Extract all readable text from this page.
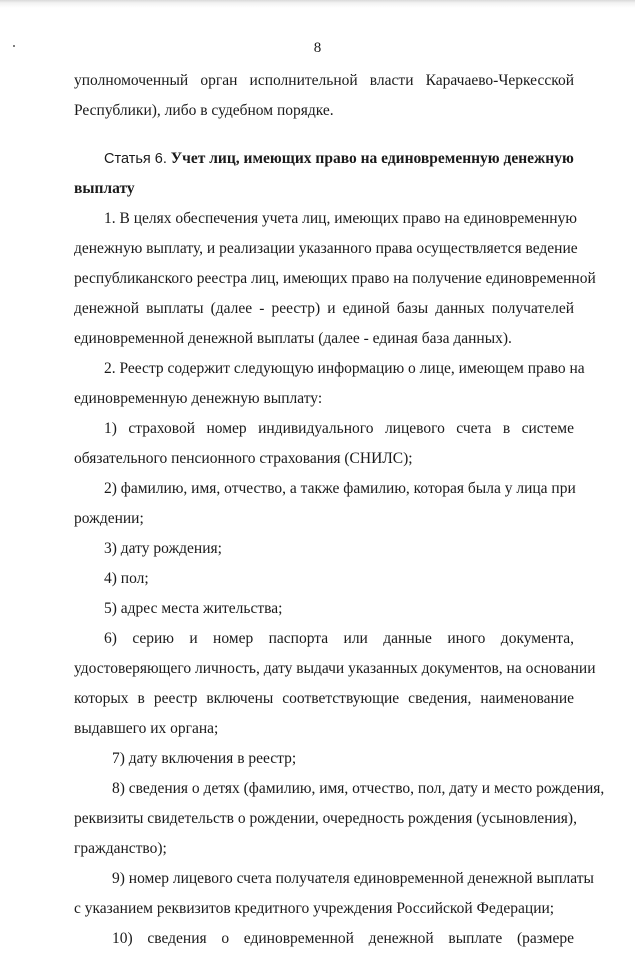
8
уполномоченный орган исполнительной власти Карачаево-Черкесской
Республики), либо в судебном порядке.
Статья 6. Учет лиц, имеющих право на единовременную денежную
выплату
1. В целях обеспечения учета лиц, имеющих право на единовременную
денежную выплату, и реализации указанного права осуществляется ведение
республиканского реестра лиц, имеющих право на получение единовременной
денежной выплаты (далее - реестр) и единой базы данных получателей
единовременной денежной выплаты (далее - единая база данных).
2. Реестр содержит следующую информацию о лице, имеющем право на
единовременную денежную выплату:
1) страховой номер индивидуального лицевого счета в системе
обязательного пенсионного страхования (СНИЛС);
2) фамилию, имя, отчество, а также фамилию, которая была у лица при
рождении;
3) дату рождения;
4) пол;
5) адрес места жительства;
6) серию и номер паспорта или данные иного документа,
удостоверяющего личность, дату выдачи указанных документов, на основании
которых в реестр включены соответствующие сведения, наименование
выдавшего их органа;
7) дату включения в реестр;
8) сведения о детях (фамилию, имя, отчество, пол, дату и место рождения,
реквизиты свидетельств о рождении, очередность рождения (усыновления),
гражданство);
9) номер лицевого счета получателя единовременной денежной выплаты
с указанием реквизитов кредитного учреждения Российской Федерации;
10) сведения о единовременной денежной выплате (размере
